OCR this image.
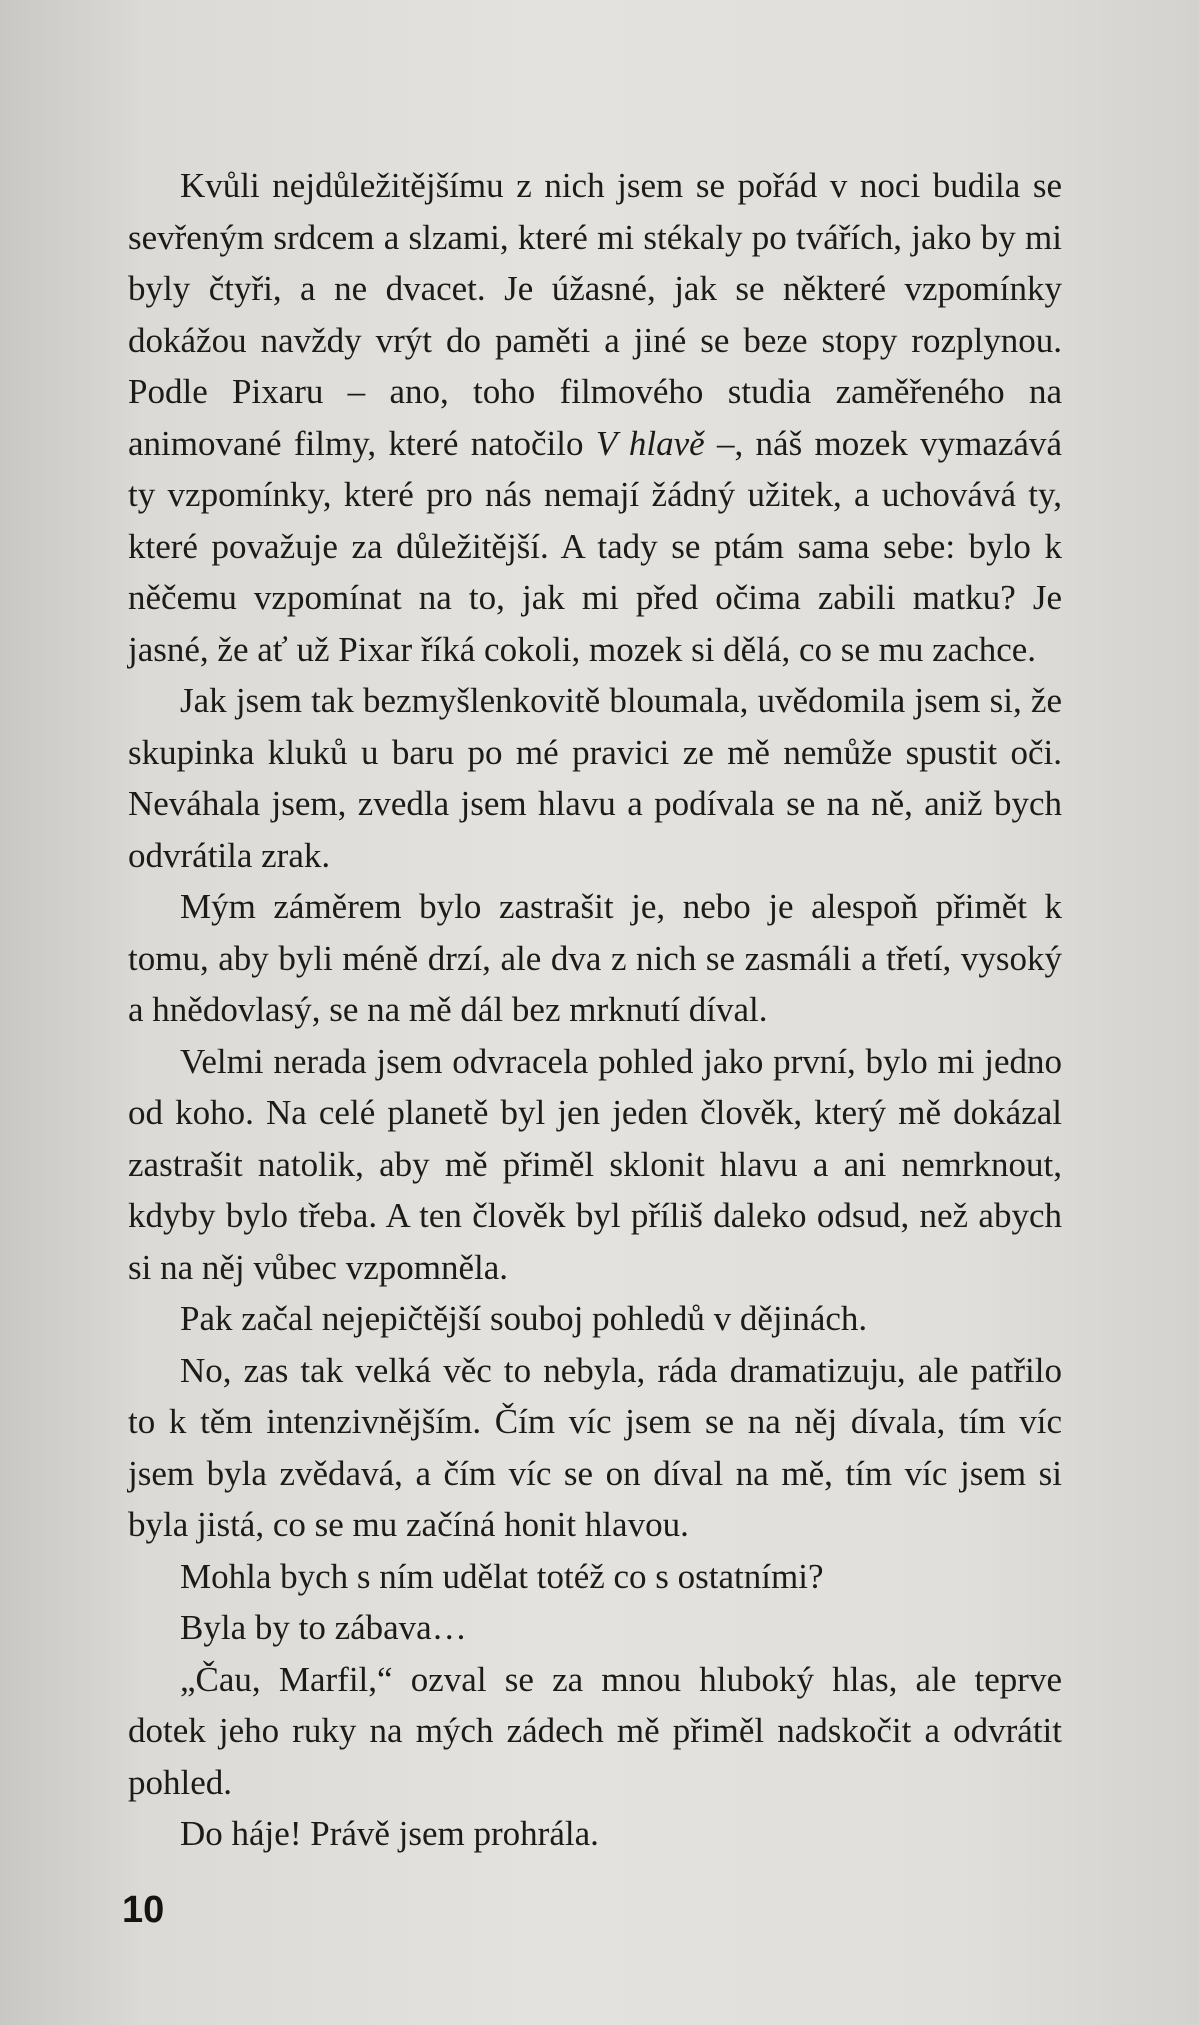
Kvůli nejdůležitějšímu z nich jsem se pořád v noci budila se sevřeným srdcem a slzami, které mi stékaly po tvářích, jako by mi byly čtyři, a ne dvacet. Je úžasné, jak se některé vzpomínky dokážou navždy vrýt do paměti a jiné se beze stopy rozplynou. Podle Pixaru – ano, toho filmového studia zaměřeného na animované filmy, které natočilo V hlavě –, náš mozek vymazává ty vzpomínky, které pro nás nemají žádný užitek, a uchovává ty, které považuje za důležitější. A tady se ptám sama sebe: bylo k něčemu vzpomínat na to, jak mi před očima zabili matku? Je jasné, že ať už Pixar říká cokoli, mozek si dělá, co se mu zachce.

Jak jsem tak bezmyšlenkovitě bloumala, uvědomila jsem si, že skupinka kluků u baru po mé pravici ze mě nemůže spustit oči. Neváhala jsem, zvedla jsem hlavu a podívala se na ně, aniž bych odvrátila zrak.

Mým záměrem bylo zastrašit je, nebo je alespoň přimět k tomu, aby byli méně drzí, ale dva z nich se zasmáli a třetí, vysoký a hnědovlasý, se na mě dál bez mrknutí díval.

Velmi nerada jsem odvracela pohled jako první, bylo mi jedno od koho. Na celé planetě byl jen jeden člověk, který mě dokázal zastrašit natolik, aby mě přiměl sklonit hlavu a ani nemrknout, kdyby bylo třeba. A ten člověk byl příliš daleko odsud, než abych si na něj vůbec vzpomněla.

Pak začal nejepičtější souboj pohledů v dějinách.

No, zas tak velká věc to nebyla, ráda dramatizuju, ale patřilo to k těm intenzivnějším. Čím víc jsem se na něj dívala, tím víc jsem byla zvědavá, a čím víc se on díval na mě, tím víc jsem si byla jistá, co se mu začíná honit hlavou.

Mohla bych s ním udělat totéž co s ostatními?

Byla by to zábava…

„Čau, Marfil,“ ozval se za mnou hluboký hlas, ale teprve dotek jeho ruky na mých zádech mě přiměl nadskočit a odvrátit pohled.

Do háje! Právě jsem prohrála.

10
